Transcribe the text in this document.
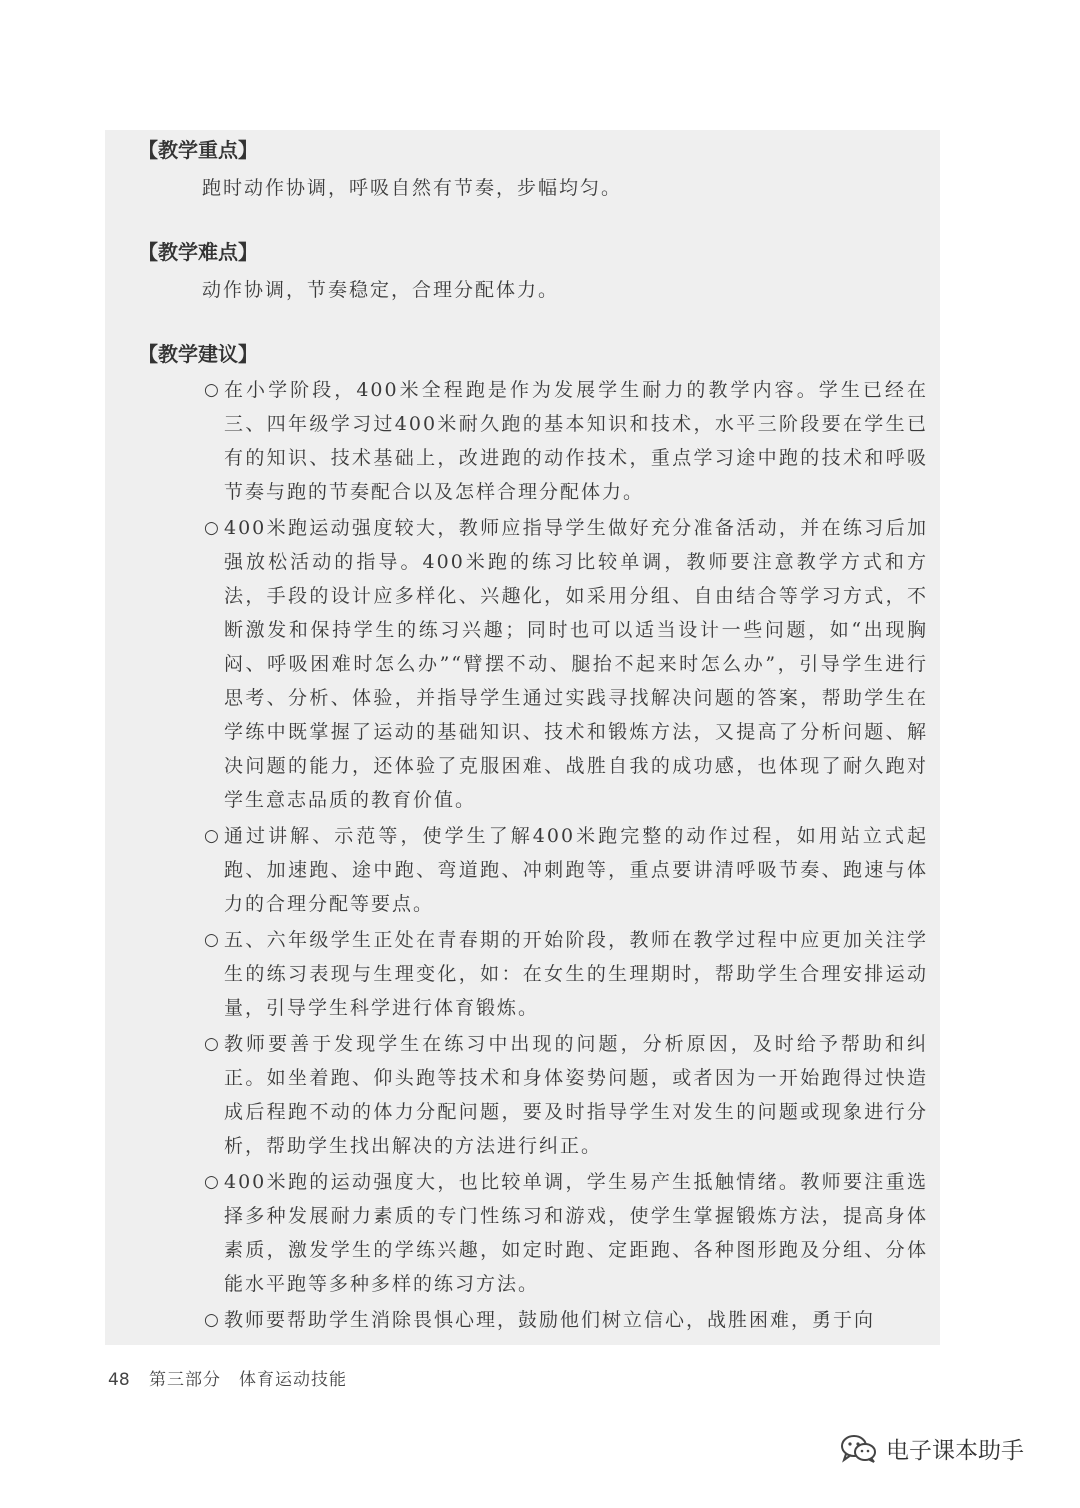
【教学重点】
跑时动作协调，呼吸自然有节奏，步幅均匀。
【教学难点】
动作协调，节奏稳定，合理分配体力。
【教学建议】
○ 在小学阶段，400米全程跑是作为发展学生耐力的教学内容。学生已经在三、四年级学习过400米耐久跑的基本知识和技术，水平三阶段要在学生已有的知识、技术基础上，改进跑的动作技术，重点学习途中跑的技术和呼吸节奏与跑的节奏配合以及怎样合理分配体力。
○ 400米跑运动强度较大，教师应指导学生做好充分准备活动，并在练习后加强放松活动的指导。400米跑的练习比较单调，教师要注意教学方式和方法，手段的设计应多样化、兴趣化，如采用分组、自由结合等学习方式，不断激发和保持学生的练习兴趣；同时也可以适当设计一些问题，如“出现胸闷、呼吸困难时怎么办”“臂摆不动、腿抬不起来时怎么办”，引导学生进行思考、分析、体验，并指导学生通过实践寻找解决问题的答案，帮助学生在学练中既掌握了运动的基础知识、技术和锻炼方法，又提高了分析问题、解决问题的能力，还体验了克服困难、战胜自我的成功感，也体现了耐久跑对学生意志品质的教育价值。
○ 通过讲解、示范等，使学生了解400米跑完整的动作过程，如用站立式起跑、加速跑、途中跑、弯道跑、冲刺跑等，重点要讲清呼吸节奏、跑速与体力的合理分配等要点。
○ 五、六年级学生正处在青春期的开始阶段，教师在教学过程中应更加关注学生的练习表现与生理变化，如：在女生的生理期时，帮助学生合理安排运动量，引导学生科学进行体育锻炼。
○ 教师要善于发现学生在练习中出现的问题，分析原因，及时给予帮助和纠正。如坐着跑、仰头跑等技术和身体姿势问题，或者因为一开始跑得过快造成后程跑不动的体力分配问题，要及时指导学生对发生的问题或现象进行分析，帮助学生找出解决的方法进行纠正。
○ 400米跑的运动强度大，也比较单调，学生易产生抵触情绪。教师要注重选择多种发展耐力素质的专门性练习和游戏，使学生掌握锻炼方法，提高身体素质，激发学生的学练兴趣，如定时跑、定距跑、各种图形跑及分组、分体能水平跑等多种多样的练习方法。
○ 教师要帮助学生消除畏惧心理，鼓励他们树立信心，战胜困难，勇于向
48 第三部分　体育运动技能
电子课本助手
